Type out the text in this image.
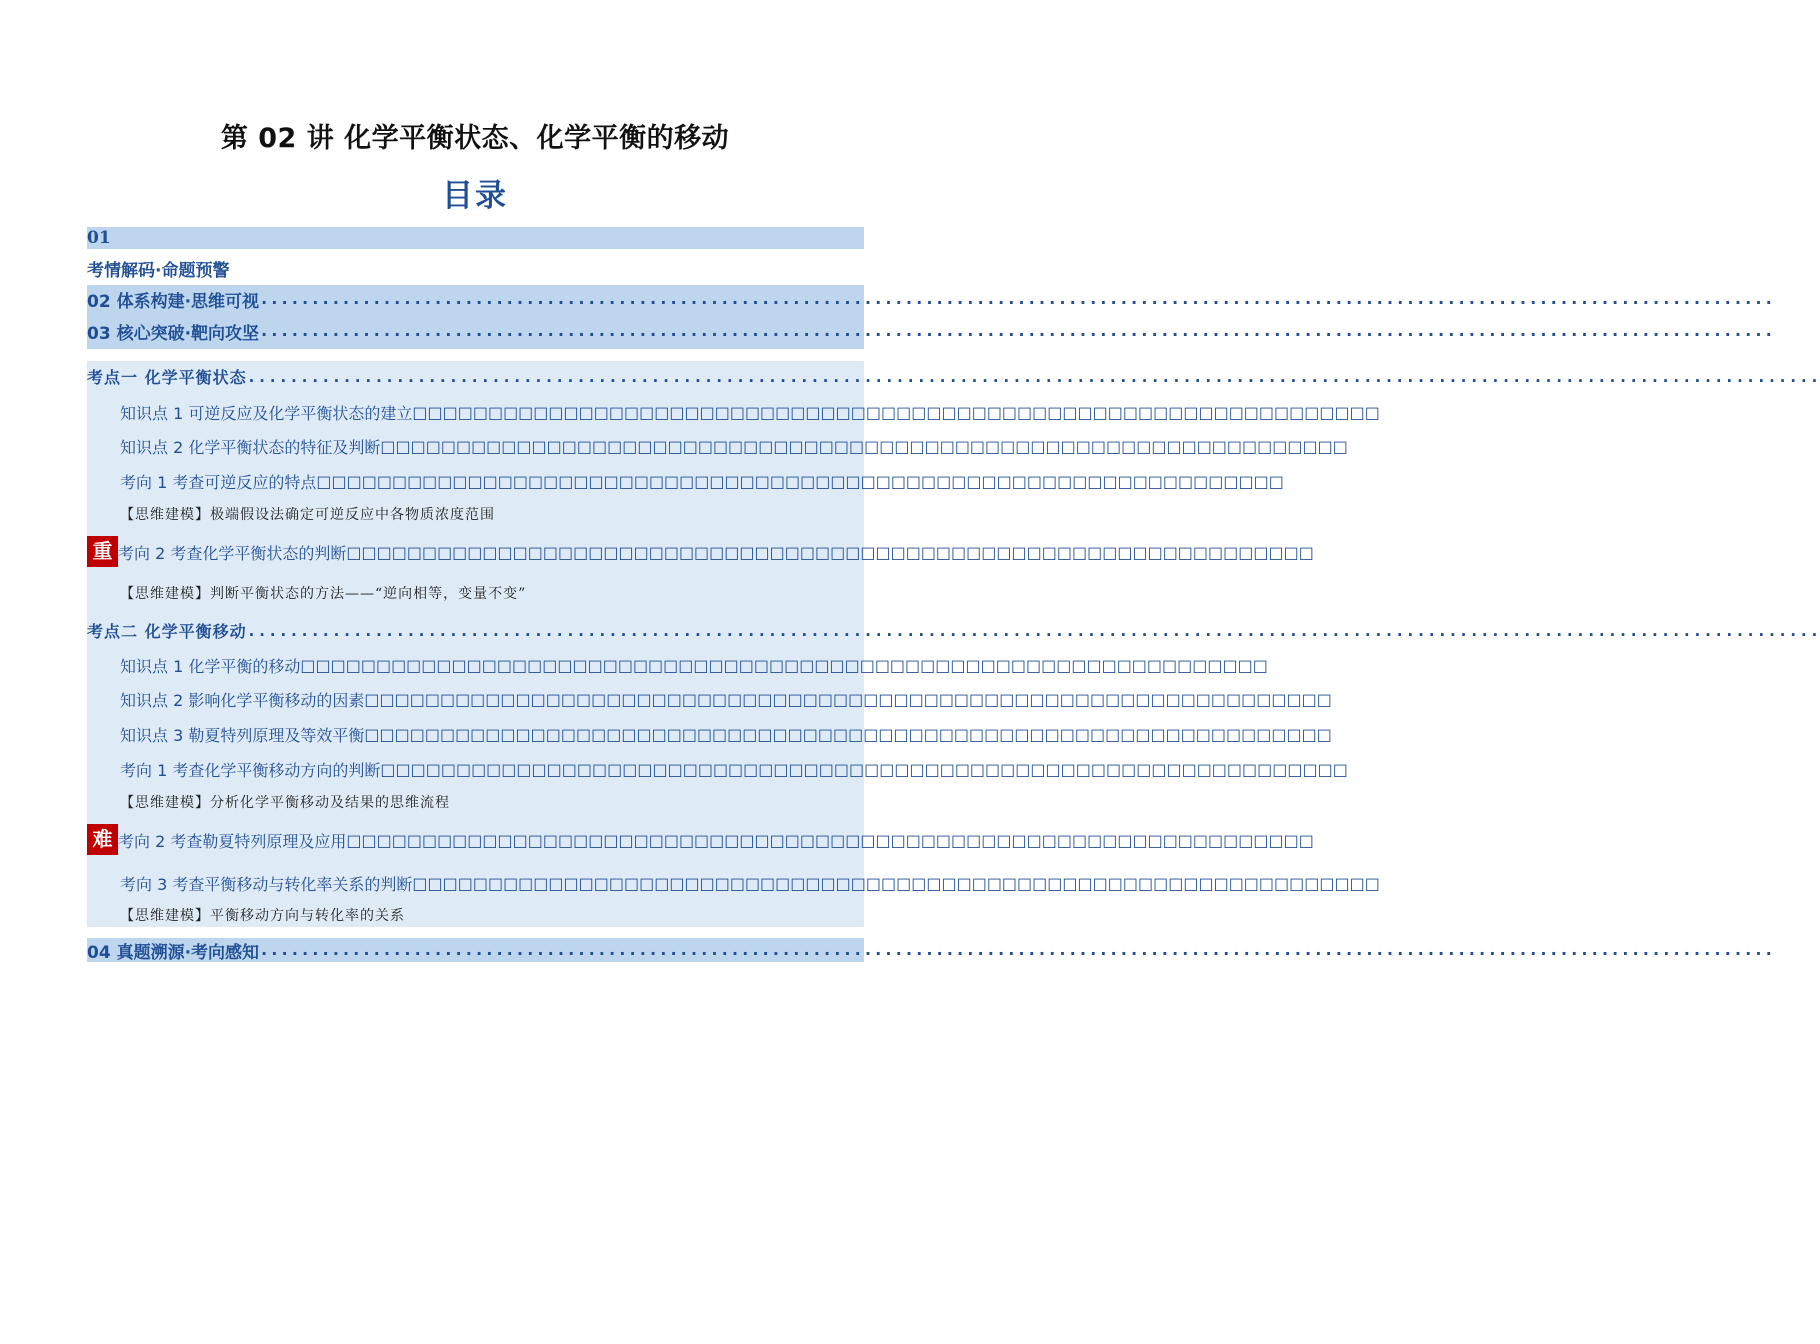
第 02 讲 化学平衡状态、化学平衡的移动
目录
01
考情解码·命题预警
02 体系构建·思维可视 ....................................................................................................................................................
03 核心突破·靶向攻坚 ....................................................................................................................................................
考点一 化学平衡状态 ....................................................................................................................................................
知识点 1 可逆反应及化学平衡状态的建立 □□□□□□□□□□□□□□□□□□□□□□□□□□□□□□□□□□□□□□□□□□□□□□□□□□□□□□□□□□□□□□□□
知识点 2 化学平衡状态的特征及判断 □□□□□□□□□□□□□□□□□□□□□□□□□□□□□□□□□□□□□□□□□□□□□□□□□□□□□□□□□□□□□□□□
考向 1 考查可逆反应的特点 □□□□□□□□□□□□□□□□□□□□□□□□□□□□□□□□□□□□□□□□□□□□□□□□□□□□□□□□□□□□□□□□
【思维建模】极端假设法确定可逆反应中各物质浓度范围
重 考向 2 考查化学平衡状态的判断 □□□□□□□□□□□□□□□□□□□□□□□□□□□□□□□□□□□□□□□□□□□□□□□□□□□□□□□□□□□□□□□□
【思维建模】判断平衡状态的方法——“逆向相等，变量不变”
考点二 化学平衡移动 ....................................................................................................................................................
知识点 1 化学平衡的移动 □□□□□□□□□□□□□□□□□□□□□□□□□□□□□□□□□□□□□□□□□□□□□□□□□□□□□□□□□□□□□□□□
知识点 2 影响化学平衡移动的因素 □□□□□□□□□□□□□□□□□□□□□□□□□□□□□□□□□□□□□□□□□□□□□□□□□□□□□□□□□□□□□□□□
知识点 3 勒夏特列原理及等效平衡 □□□□□□□□□□□□□□□□□□□□□□□□□□□□□□□□□□□□□□□□□□□□□□□□□□□□□□□□□□□□□□□□
考向 1 考查化学平衡移动方向的判断 □□□□□□□□□□□□□□□□□□□□□□□□□□□□□□□□□□□□□□□□□□□□□□□□□□□□□□□□□□□□□□□□
【思维建模】分析化学平衡移动及结果的思维流程
难 考向 2 考查勒夏特列原理及应用 □□□□□□□□□□□□□□□□□□□□□□□□□□□□□□□□□□□□□□□□□□□□□□□□□□□□□□□□□□□□□□□□
考向 3 考查平衡移动与转化率关系的判断 □□□□□□□□□□□□□□□□□□□□□□□□□□□□□□□□□□□□□□□□□□□□□□□□□□□□□□□□□□□□□□□□
【思维建模】平衡移动方向与转化率的关系
04 真题溯源·考向感知 ....................................................................................................................................................
